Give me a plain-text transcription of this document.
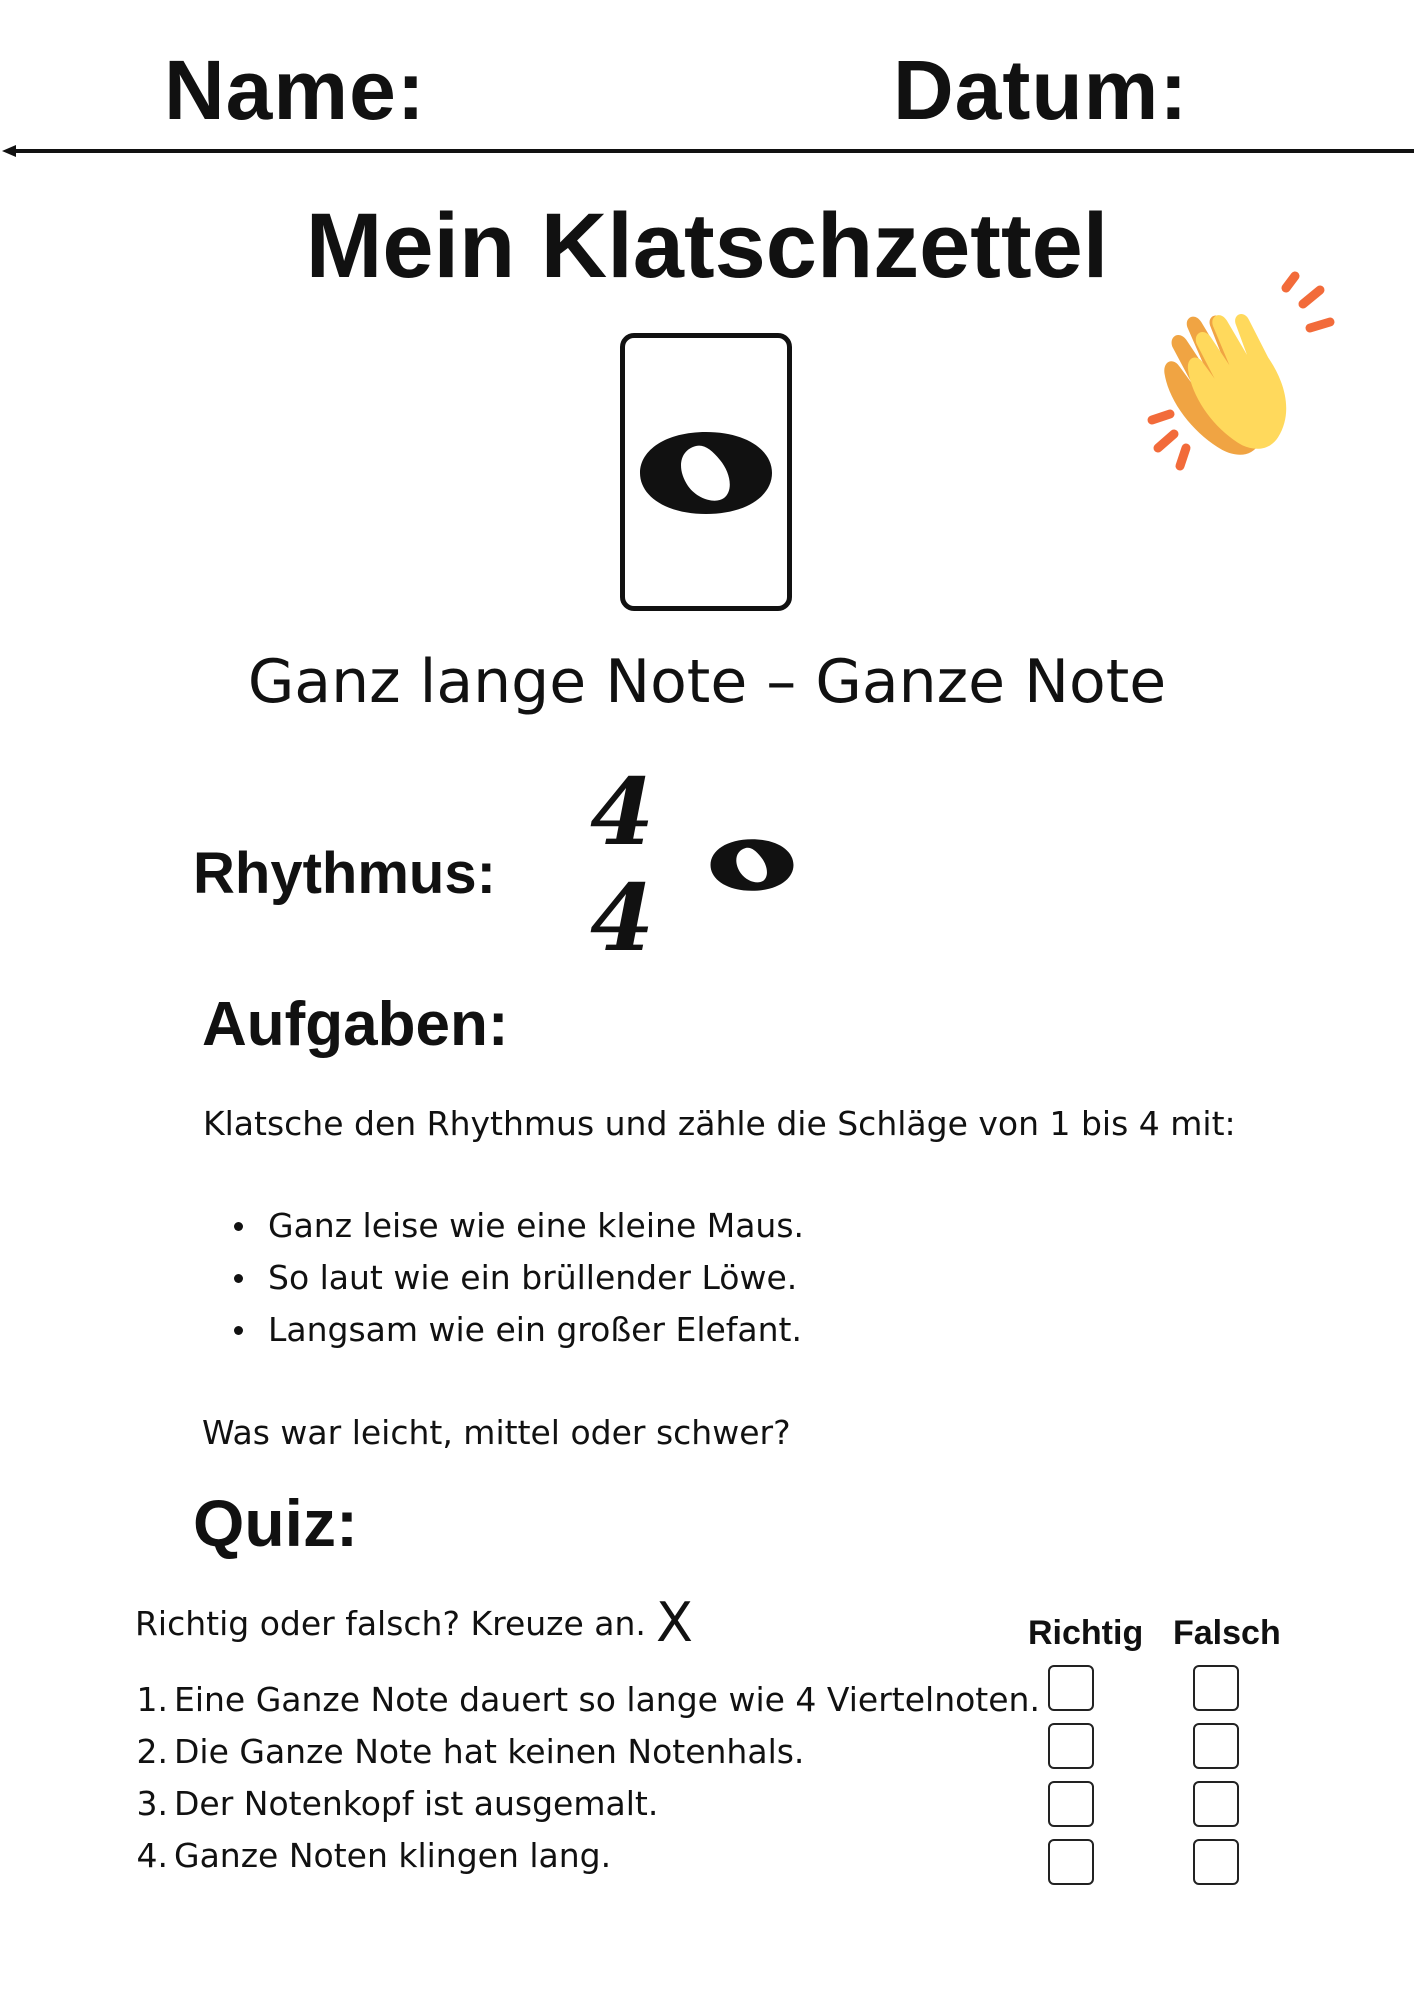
Name:	Datum:
Mein Klatschzettel
Ganz lange Note – Ganze Note
Rhythmus:
4
4
Aufgaben:
Klatsche den Rhythmus und zähle die Schläge von 1 bis 4 mit:
Ganz leise wie eine kleine Maus.
So laut wie ein brüllender Löwe.
Langsam wie ein großer Elefant.
Was war leicht, mittel oder schwer?
Quiz:
Richtig oder falsch? Kreuze an. X	Richtig Falsch
1. Eine Ganze Note dauert so lange wie 4 Viertelnoten.
2. Die Ganze Note hat keinen Notenhals.
3. Der Notenkopf ist ausgemalt.
4. Ganze Noten klingen lang.
